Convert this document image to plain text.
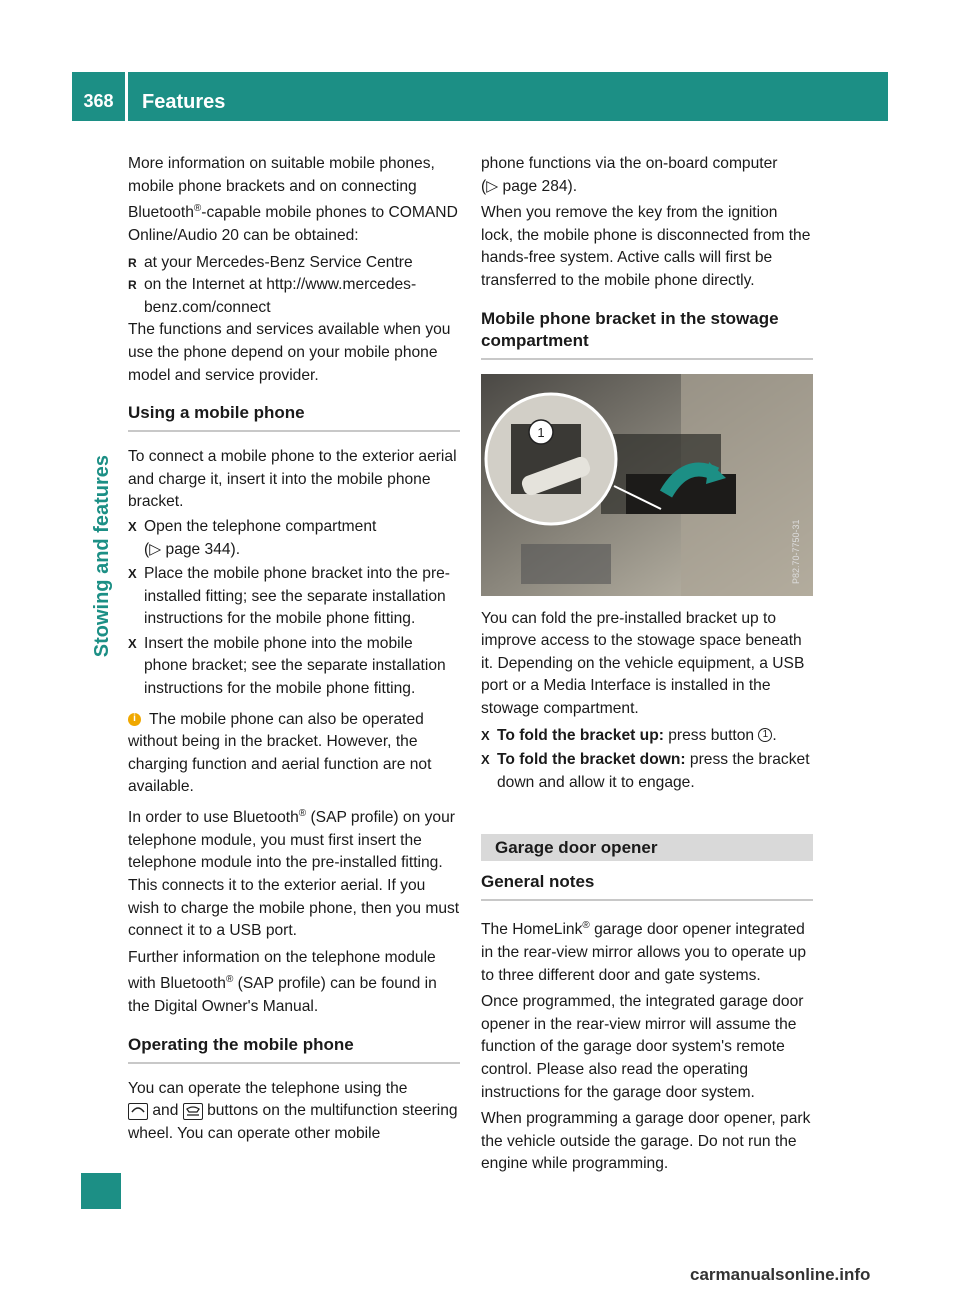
368	Features
Stowing and features

More information on suitable mobile phones, mobile phone brackets and on connecting Bluetooth®-capable mobile phones to COMAND Online/Audio 20 can be obtained:

R at your Mercedes-Benz Service Centre

R on the Internet at http://www.mercedes-benz.com/connect

The functions and services available when you use the phone depend on your mobile phone model and service provider.

Using a mobile phone

To connect a mobile phone to the exterior aerial and charge it, insert it into the mobile phone bracket.

X Open the telephone compartment
(▷ page 344).

X Place the mobile phone bracket into the pre-installed fitting; see the separate installation instructions for the mobile phone fitting.

X Insert the mobile phone into the mobile phone bracket; see the separate installation instructions for the mobile phone fitting.

i The mobile phone can also be operated without being in the bracket. However, the charging function and aerial function are not available.

In order to use Bluetooth® (SAP profile) on your telephone module, you must first insert the telephone module into the pre-installed fitting. This connects it to the exterior aerial. If you wish to charge the mobile phone, then you must connect it to a USB port.

Further information on the telephone module with Bluetooth® (SAP profile) can be found in the Digital Owner's Manual.

Operating the mobile phone

You can operate the telephone using the

and buttons on the multifunction steering wheel. You can operate other mobile

phone functions via the on-board computer
(▷ page 284).

When you remove the key from the ignition lock, the mobile phone is disconnected from the hands-free system. Active calls will first be transferred to the mobile phone directly.

Mobile phone bracket in the stowage compartment

1
P82.70-7750-31

You can fold the pre-installed bracket up to improve access to the stowage space beneath it. Depending on the vehicle equipment, a USB port or a Media Interface is installed in the stowage compartment.

X To fold the bracket up: press button 1 .

X To fold the bracket down: press the bracket down and allow it to engage.

Garage door opener

General notes

The HomeLink® garage door opener integrated in the rear-view mirror allows you to operate up to three different door and gate systems.

Once programmed, the integrated garage door opener in the rear-view mirror will assume the function of the garage door system's remote control. Please also read the operating instructions for the garage door system.

When programming a garage door opener, park the vehicle outside the garage. Do not run the engine while programming.

carmanualsonline.info
